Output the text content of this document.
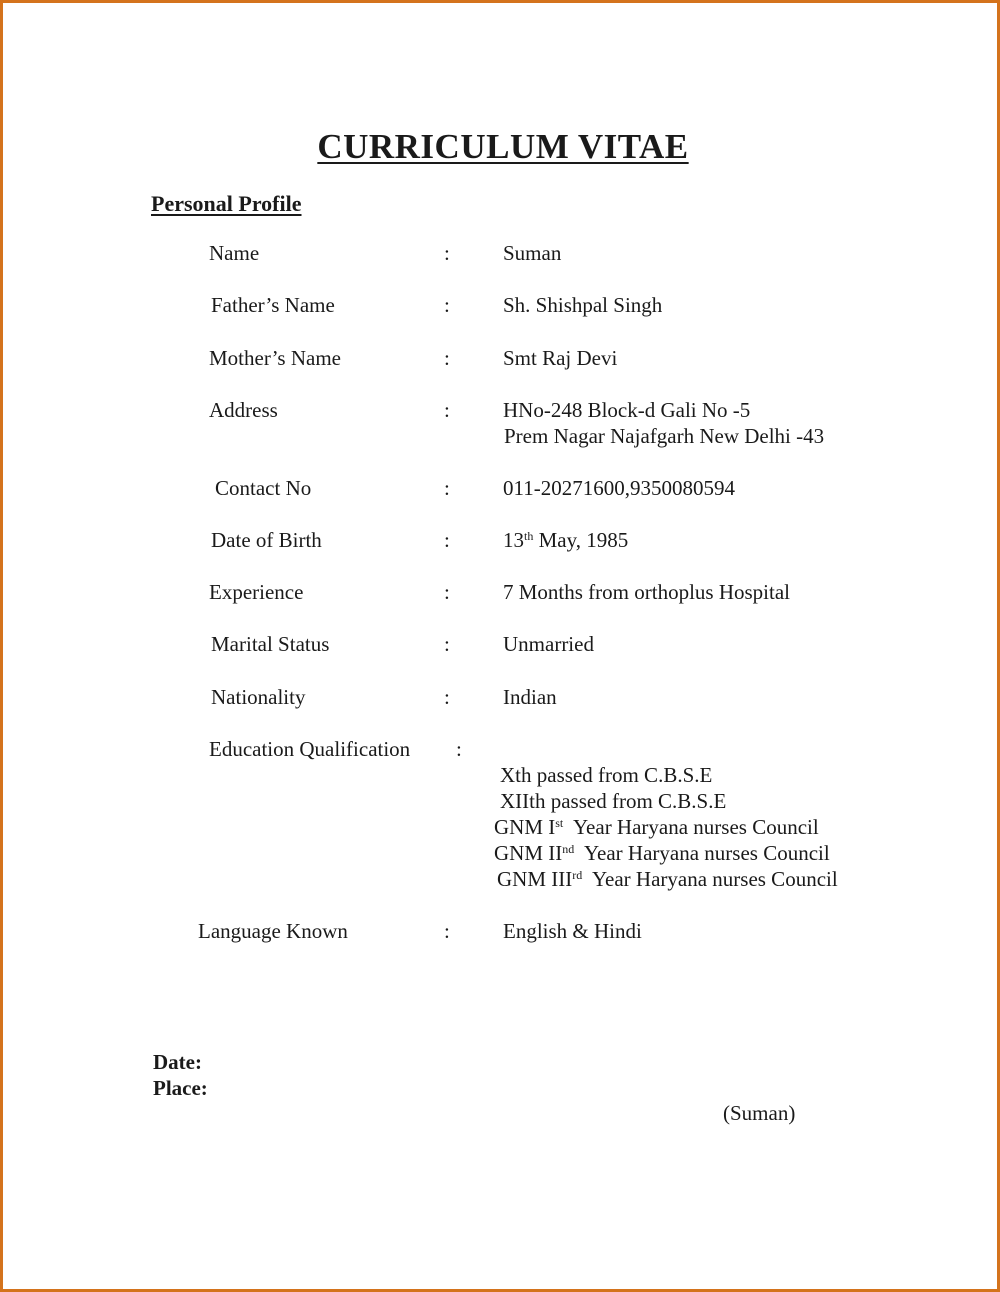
CURRICULUM VITAE
Personal Profile
Name	:	Suman
Father’s Name	:	Sh. Shishpal Singh
Mother’s Name	:	Smt Raj Devi
Address	:	HNo-248 Block-d Gali No -5
Prem Nagar Najafgarh New Delhi -43
Contact No	:	011-20271600,9350080594
Date of Birth	:	13th May, 1985
Experience	:	7 Months from orthoplus Hospital
Marital Status	:	Unmarried
Nationality	:	Indian
Education Qualification :
Xth passed from C.B.S.E
XIIth passed from C.B.S.E
GNM Ist  Year Haryana nurses Council
GNM IInd  Year Haryana nurses Council
GNM IIIrd  Year Haryana nurses Council
Language Known	:	English & Hindi
Date:
Place:
(Suman)
